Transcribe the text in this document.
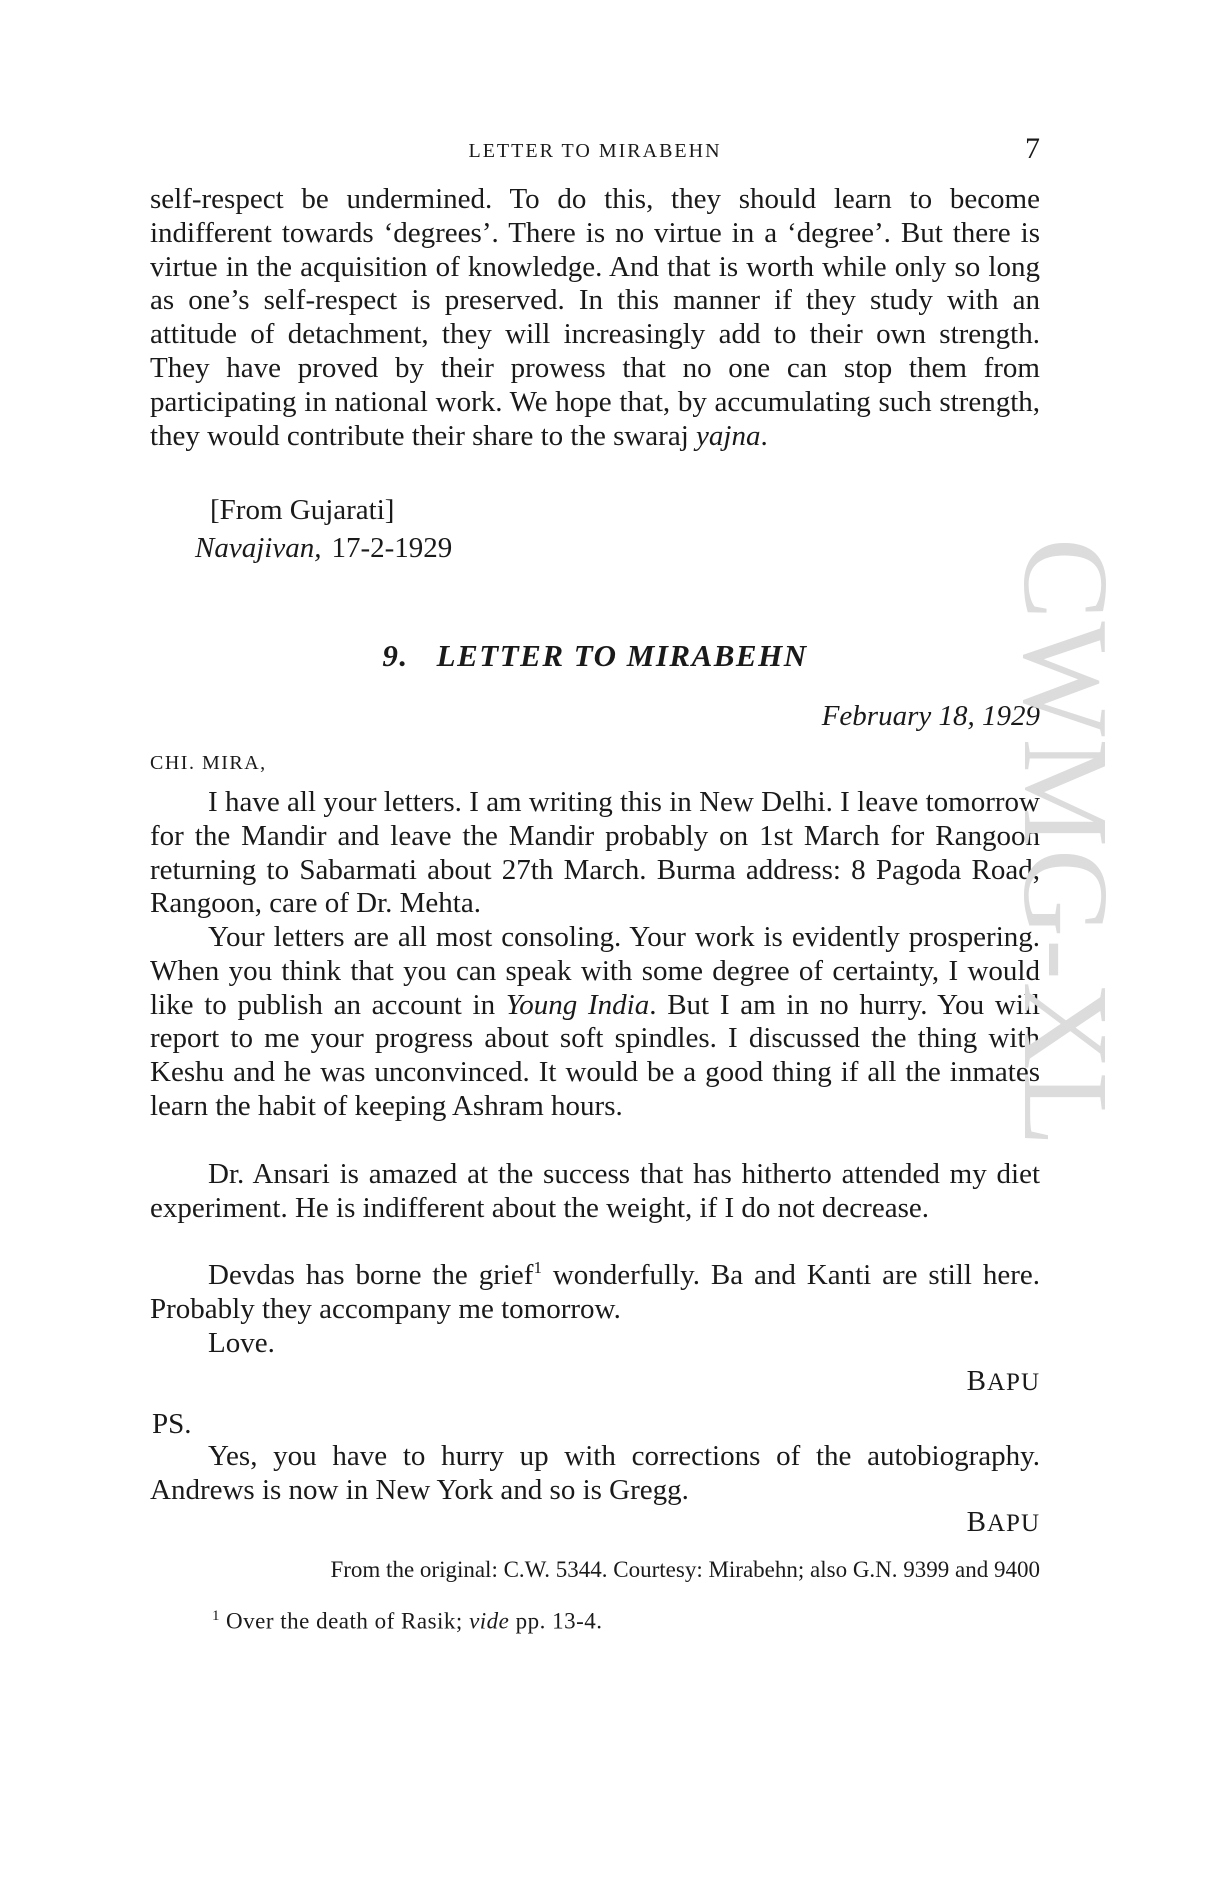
LETTER TO MIRABEHN	7

self-respect be undermined. To do this, they should learn to become indifferent towards ‘degrees’. There is no virtue in a ‘degree’. But there is virtue in the acquisition of knowledge. And that is worth while only so long as one’s self-respect is preserved. In this manner if they study with an attitude of detachment, they will increasingly add to their own strength. They have proved by their prowess that no one can stop them from participating in national work. We hope that, by accumulating such strength, they would contribute their share to the swaraj yajna.

[From Gujarati]

Navajivan, 17-2-1929

9. LETTER TO MIRABEHN

February 18, 1929

CHI. MIRA,

I have all your letters. I am writing this in New Delhi. I leave tomorrow for the Mandir and leave the Mandir probably on 1st March for Rangoon returning to Sabarmati about 27th March. Burma address: 8 Pagoda Road, Rangoon, care of Dr. Mehta.

Your letters are all most consoling. Your work is evidently prospering. When you think that you can speak with some degree of certainty, I would like to publish an account in Young India. But I am in no hurry. You will report to me your progress about soft spindles. I discussed the thing with Keshu and he was unconvinced. It would be a good thing if all the inmates learn the habit of keeping Ashram hours.

Dr. Ansari is amazed at the success that has hitherto attended my diet experiment. He is indifferent about the weight, if I do not decrease.

Devdas has borne the grief$^1$ wonderfully. Ba and Kanti are still here. Probably they accompany me tomorrow.

Love.

BAPU

PS.

Yes, you have to hurry up with corrections of the autobiography. Andrews is now in New York and so is Gregg.

BAPU

From the original: C.W. 5344. Courtesy: Mirabehn; also G.N. 9399 and 9400

$^1$ Over the death of Rasik; vide pp. 13-4.

CWMG-XL
